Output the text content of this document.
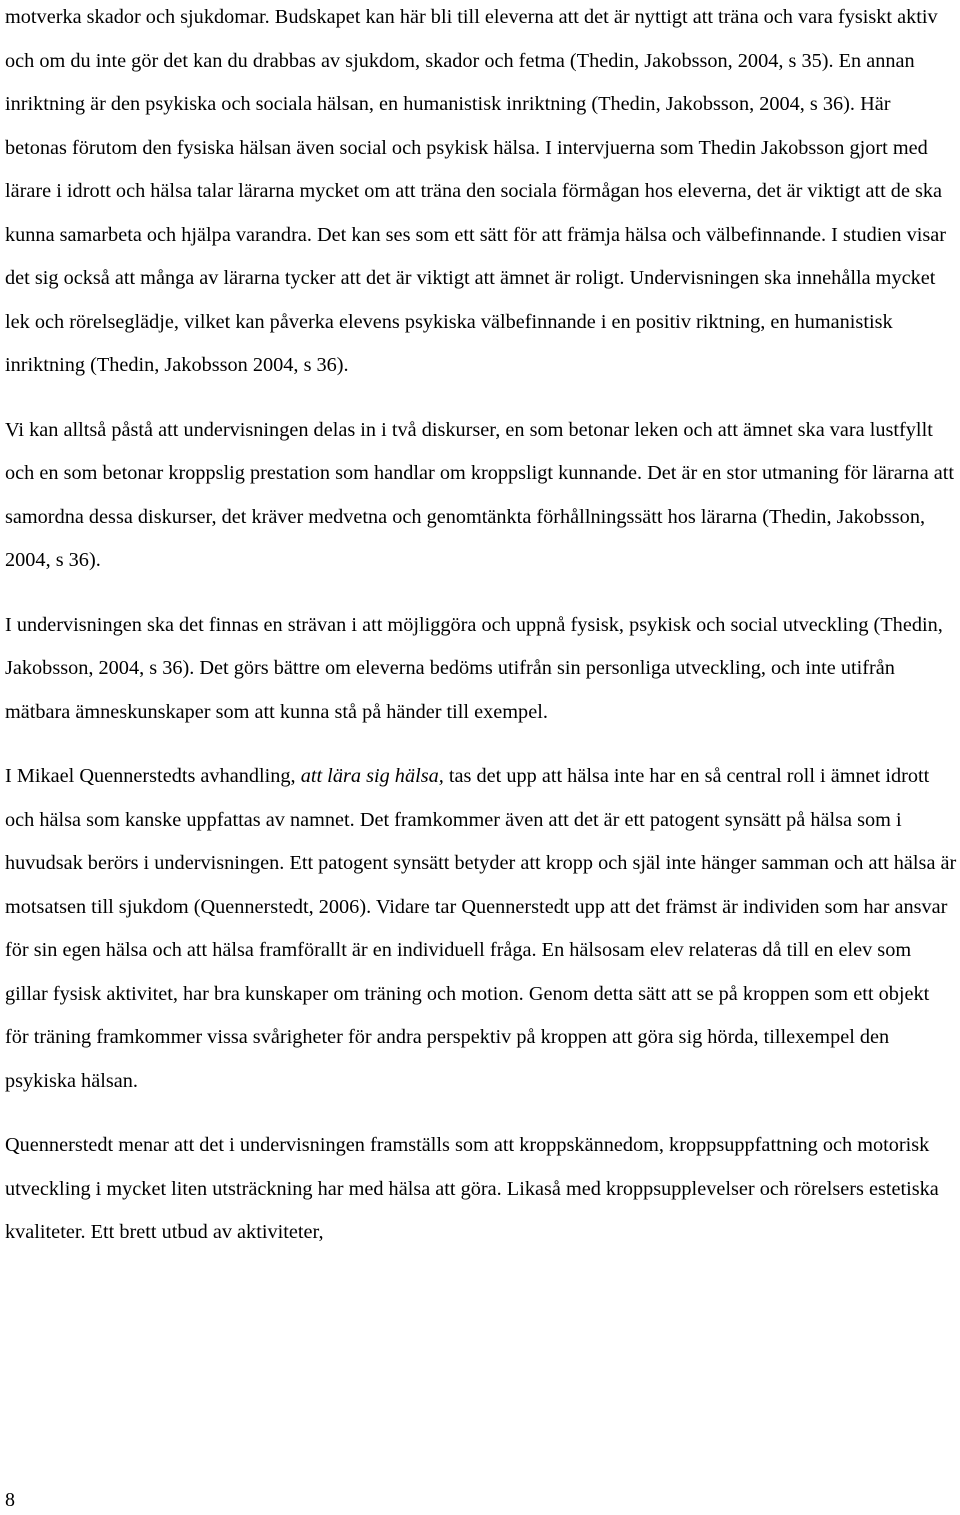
motverka skador och sjukdomar. Budskapet kan här bli till eleverna att det är nyttigt att träna och vara fysiskt aktiv och om du inte gör det kan du drabbas av sjukdom, skador och fetma (Thedin, Jakobsson, 2004, s 35). En annan inriktning är den psykiska och sociala hälsan, en humanistisk inriktning (Thedin, Jakobsson, 2004, s 36). Här betonas förutom den fysiska hälsan även social och psykisk hälsa. I intervjuerna som Thedin Jakobsson gjort med lärare i idrott och hälsa talar lärarna mycket om att träna den sociala förmågan hos eleverna, det är viktigt att de ska kunna samarbeta och hjälpa varandra. Det kan ses som ett sätt för att främja hälsa och välbefinnande. I studien visar det sig också att många av lärarna tycker att det är viktigt att ämnet är roligt. Undervisningen ska innehålla mycket lek och rörelseglädje, vilket kan påverka elevens psykiska välbefinnande i en positiv riktning, en humanistisk inriktning (Thedin, Jakobsson 2004, s 36).

Vi kan alltså påstå att undervisningen delas in i två diskurser, en som betonar leken och att ämnet ska vara lustfyllt och en som betonar kroppslig prestation som handlar om kroppsligt kunnande. Det är en stor utmaning för lärarna att samordna dessa diskurser, det kräver medvetna och genomtänkta förhållningssätt hos lärarna (Thedin, Jakobsson, 2004, s 36).

I undervisningen ska det finnas en strävan i att möjliggöra och uppnå fysisk, psykisk och social utveckling (Thedin, Jakobsson, 2004, s 36). Det görs bättre om eleverna bedöms utifrån sin personliga utveckling, och inte utifrån mätbara ämneskunskaper som att kunna stå på händer till exempel.

I Mikael Quennerstedts avhandling, att lära sig hälsa, tas det upp att hälsa inte har en så central roll i ämnet idrott och hälsa som kanske uppfattas av namnet. Det framkommer även att det är ett patogent synsätt på hälsa som i huvudsak berörs i undervisningen. Ett patogent synsätt betyder att kropp och själ inte hänger samman och att hälsa är motsatsen till sjukdom (Quennerstedt, 2006). Vidare tar Quennerstedt upp att det främst är individen som har ansvar för sin egen hälsa och att hälsa framförallt är en individuell fråga. En hälsosam elev relateras då till en elev som gillar fysisk aktivitet, har bra kunskaper om träning och motion. Genom detta sätt att se på kroppen som ett objekt för träning framkommer vissa svårigheter för andra perspektiv på kroppen att göra sig hörda, tillexempel den psykiska hälsan.

Quennerstedt menar att det i undervisningen framställs som att kroppskännedom, kroppsuppfattning och motorisk utveckling i mycket liten utsträckning har med hälsa att göra. Likaså med kroppsupplevelser och rörelsers estetiska kvaliteter. Ett brett utbud av aktiviteter,

8
